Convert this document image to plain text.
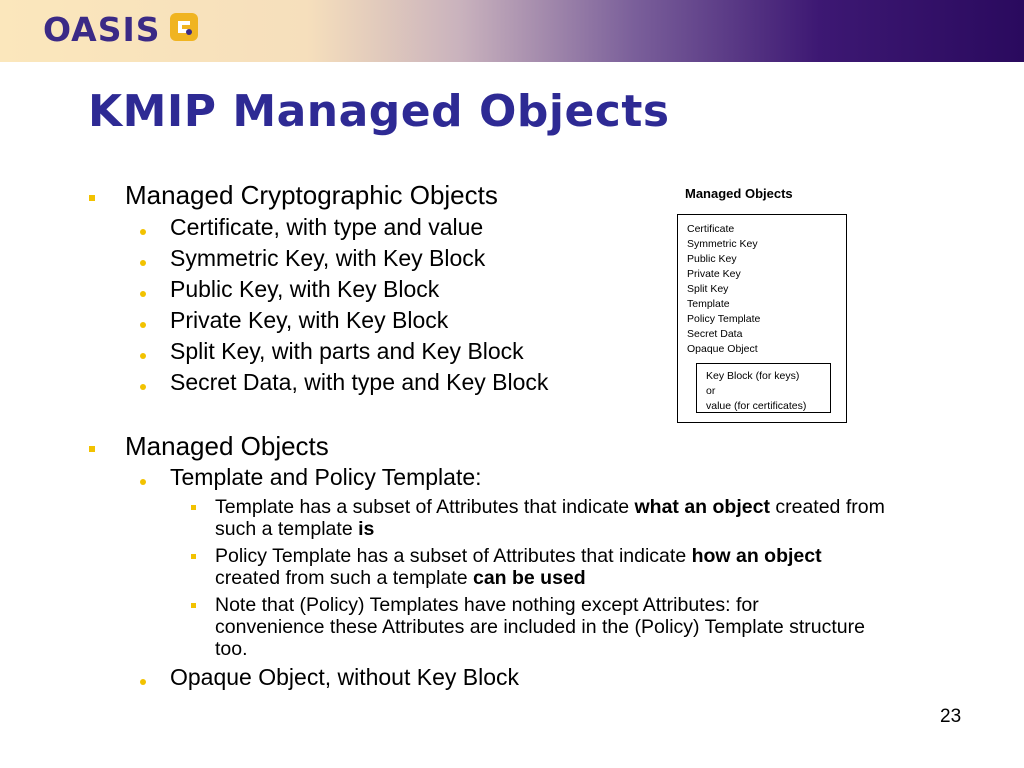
OASIS
KMIP Managed Objects
Managed Cryptographic Objects
Certificate, with type and value
Symmetric Key, with Key Block
Public Key, with Key Block
Private Key, with Key Block
Split Key, with parts and Key Block
Secret Data, with type and Key Block
Managed Objects
Template and Policy Template:
Template has a subset of Attributes that indicate what an object created from such a template is
Policy Template has a subset of Attributes that indicate how an object created from such a template can be used
Note that (Policy) Templates have nothing except Attributes: for convenience these Attributes are included in the (Policy) Template structure too.
Opaque Object, without Key Block
Managed Objects
Certificate
Symmetric Key
Public Key
Private Key
Split Key
Template
Policy Template
Secret Data
Opaque Object
Key Block (for keys)
or
value (for certificates)
23
